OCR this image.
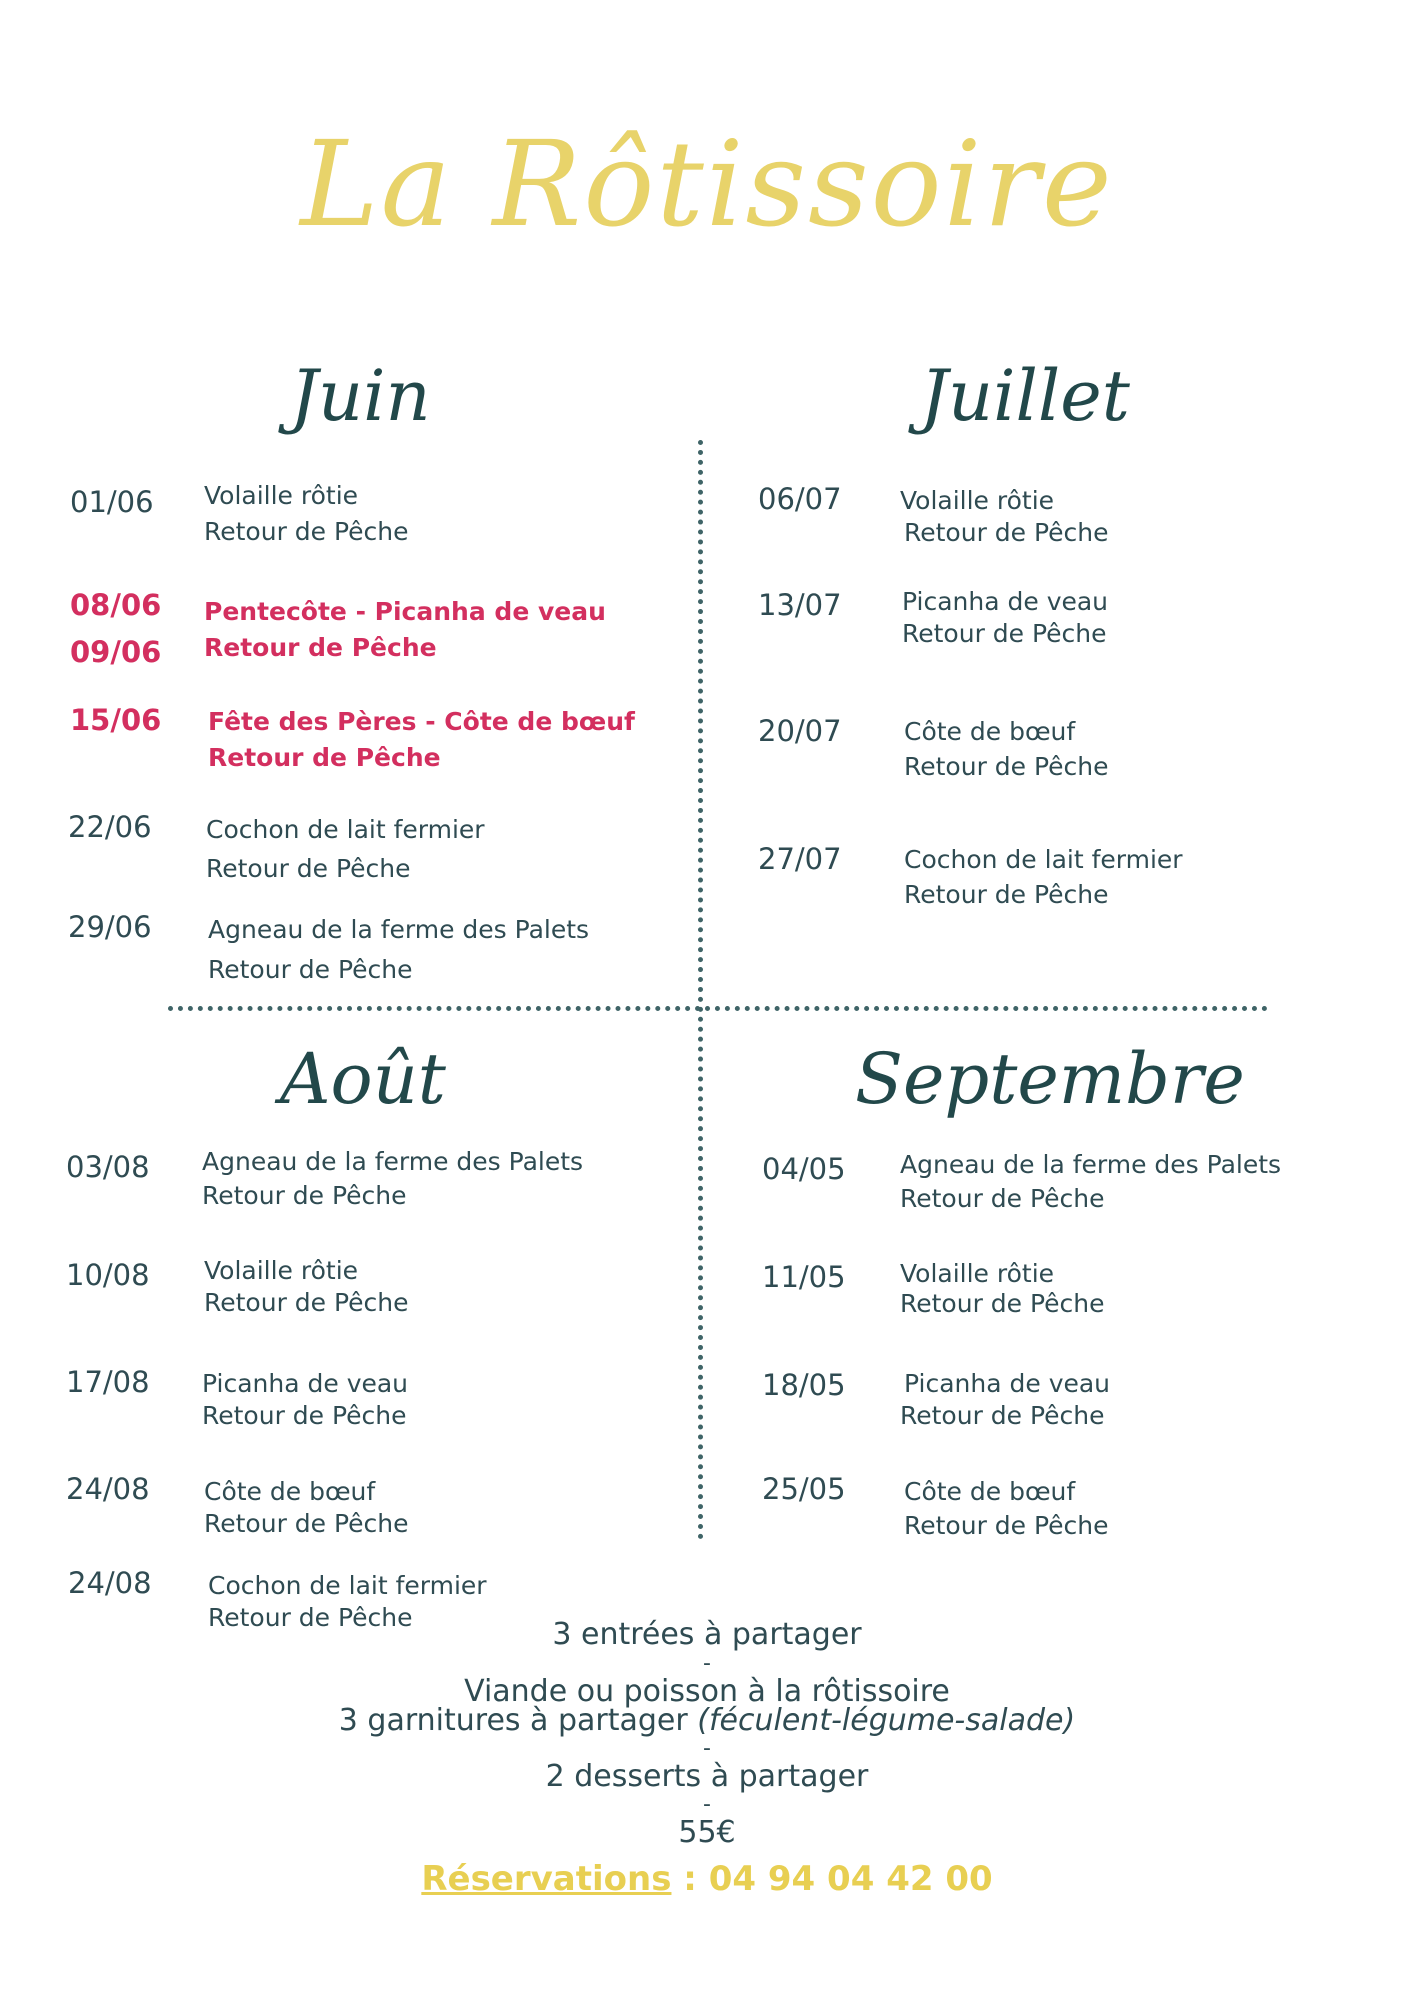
La Rôtissoire
Juin
01/06 Volaille rôtie
Retour de Pêche
08/06
09/06
Pentecôte - Picanha de veau
Retour de Pêche
15/06 Fête des Pères - Côte de bœuf
Retour de Pêche
22/06 Cochon de lait fermier
Retour de Pêche
29/06 Agneau de la ferme des Palets
Retour de Pêche
Juillet
06/07 Volaille rôtie
Retour de Pêche
13/07 Picanha de veau
Retour de Pêche
20/07 Côte de bœuf
Retour de Pêche
27/07 Cochon de lait fermier
Retour de Pêche
Août
03/08 Agneau de la ferme des Palets
Retour de Pêche
10/08 Volaille rôtie
Retour de Pêche
17/08 Picanha de veau
Retour de Pêche
24/08 Côte de bœuf
Retour de Pêche
24/08 Cochon de lait fermier
Retour de Pêche
Septembre
04/05 Agneau de la ferme des Palets
Retour de Pêche
11/05 Volaille rôtie
Retour de Pêche
18/05 Picanha de veau
Retour de Pêche
25/05 Côte de bœuf
Retour de Pêche
3 entrées à partager
-
Viande ou poisson à la rôtissoire
3 garnitures à partager (féculent-légume-salade)
-
2 desserts à partager
-
55€
Réservations : 04 94 04 42 00
